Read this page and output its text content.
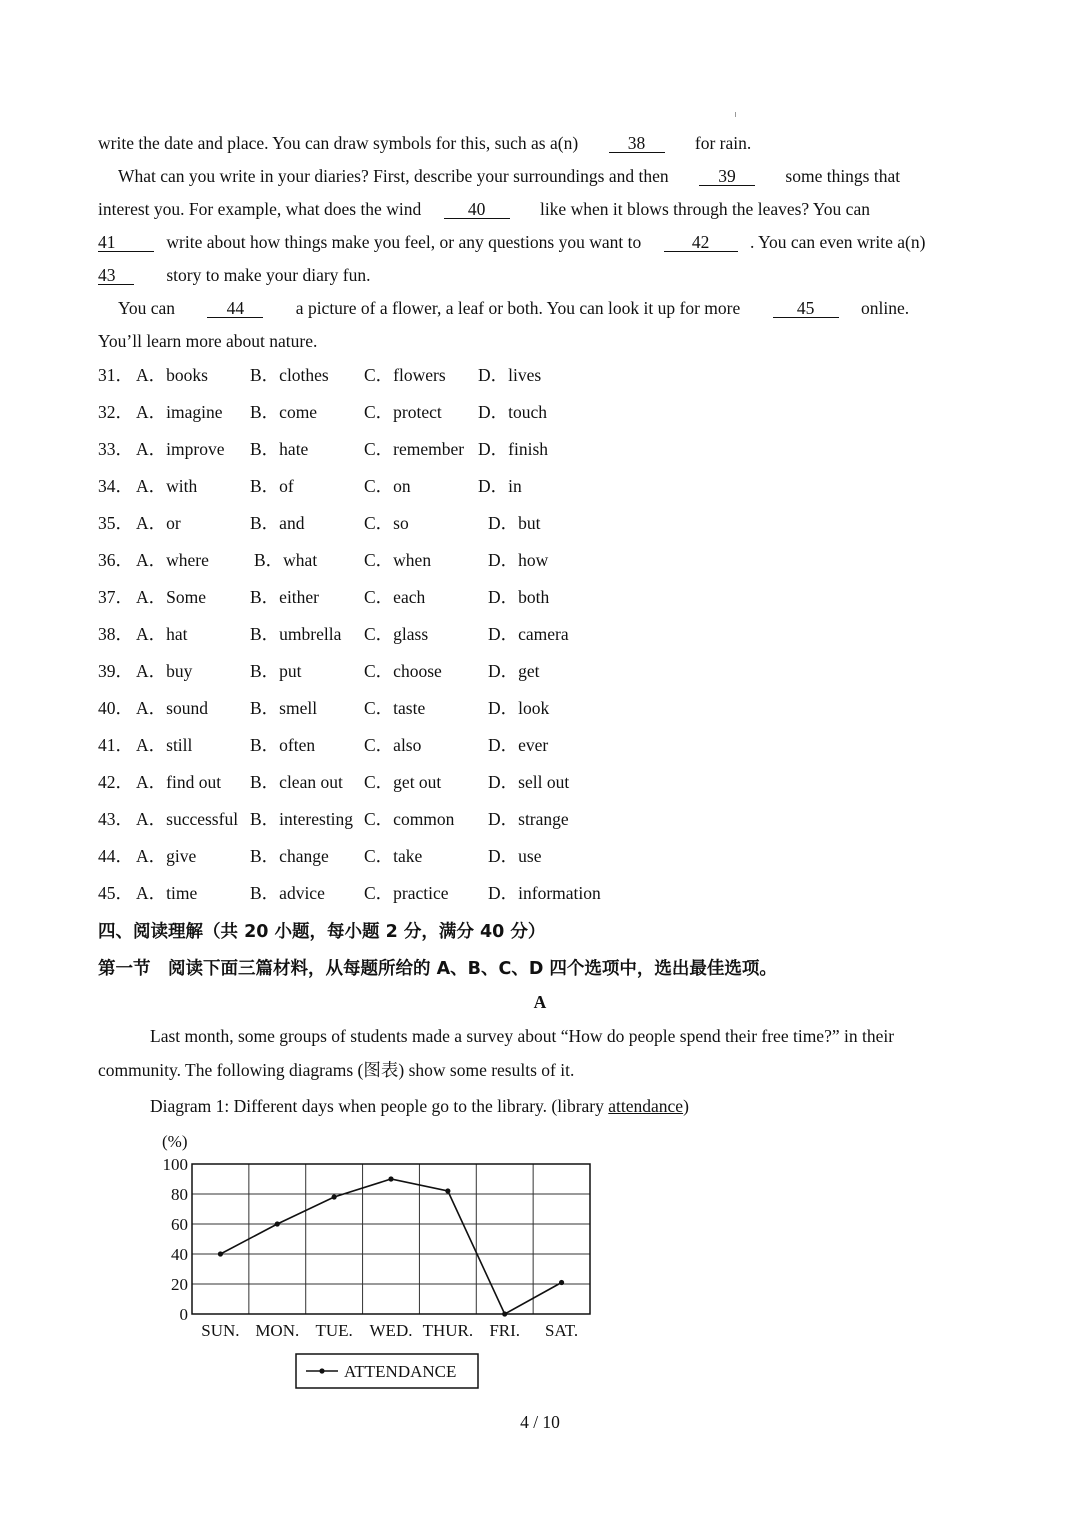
write the date and place. You can draw symbols for this, such as a(n)	38	for rain.
What can you write in your diaries? First, describe your surroundings and then	39	some things that
interest you. For example, what does the wind	40	like when it blows through the leaves? You can
41	write about how things make you feel, or any questions you want to	42 . You can even write a(n)
43	story to make your diary fun.
You can	44	a picture of a flower, a leaf or both. You can look it up for more	45	online.
You’ll learn more about nature.
31． A．books B．clothes C．flowers D．lives
32． A．imagine B．come	C．protect D．touch
33． A．improve B．hate	C．remember D．finish
34． A．with	B．of	C．on	D．in
35． A．or	B．and	C．so	D．but
36． A．where	B．what	C．when	D．how
37． A．Some	B．either	C．each	D．both
38． A．hat	B．umbrella C．glass	D．camera
39． A．buy	B．put	C．choose	D．get
40． A．sound B．smell	C．taste	D．look
41． A．still	B．often	C．also	D．ever
42． A．find out B．clean out C．get out	D．sell out
43． A．successful B．interesting C．common D．strange
44． A．give	B．change C．take	D．use
45． A．time	B．advice C．practice D．information
四、阅读理解（共 20 小题，每小题 2 分，满分 40 分）
第一节　阅读下面三篇材料，从每题所给的 A、B、C、D 四个选项中，选出最佳选项。
A
Last month, some groups of students made a survey about “How do people spend their free time?” in their
community. The following diagrams (图表) show some results of it.
Diagram 1: Different days when people go to the library. (library attendance)
0
20
40
60
80
100
(%)
SUN. MON. TUE. WED. THUR. FRI. SAT.
ATTENDANCE
4 / 10
